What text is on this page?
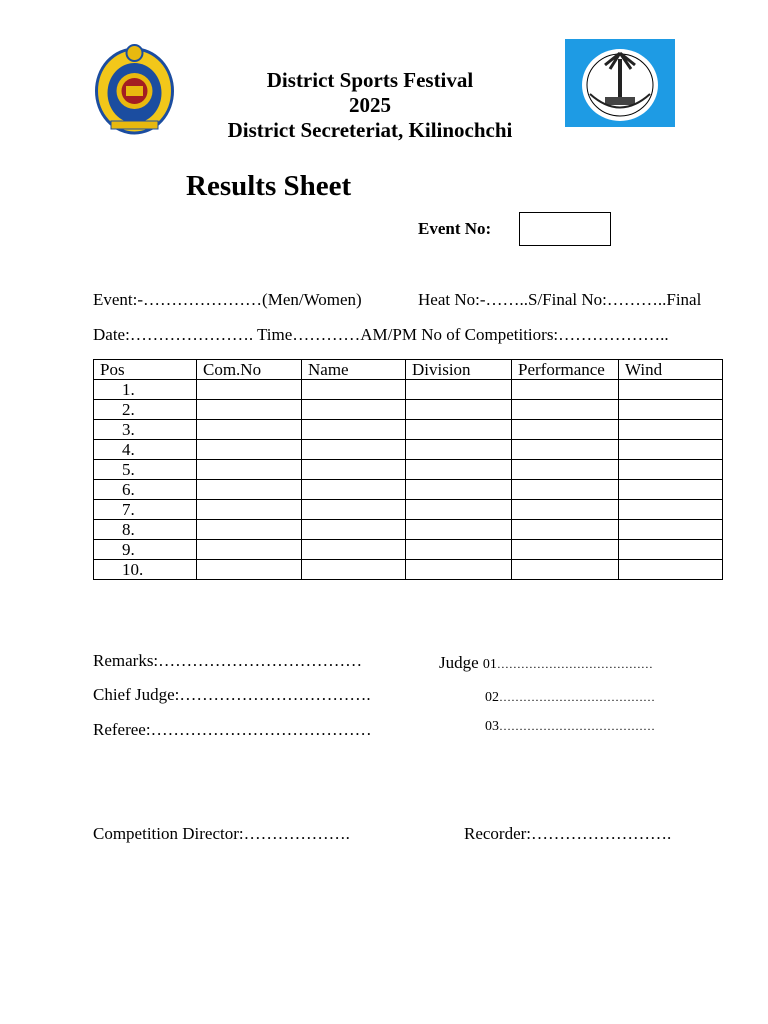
District Sports Festival
2025
District Secreteriat, Kilinochchi
Results Sheet
Event No:
Event:-…………………(Men/Women)	Heat No:-……..S/Final No:………..Final
Date:…………………. Time…………AM/PM No of Competitiors:………………..
Pos	Com.No	Name	Division	Performance	Wind
1.					
2.					
3.					
4.					
5.					
6.					
7.					
8.					
9.					
10.					
Remarks:………………………………
Chief Judge:…………………………….
Referee:…………………………………
Judge 01…………………………………
02…………………………………
03…………………………………
Competition Director:……………….	Recorder:…………………….
